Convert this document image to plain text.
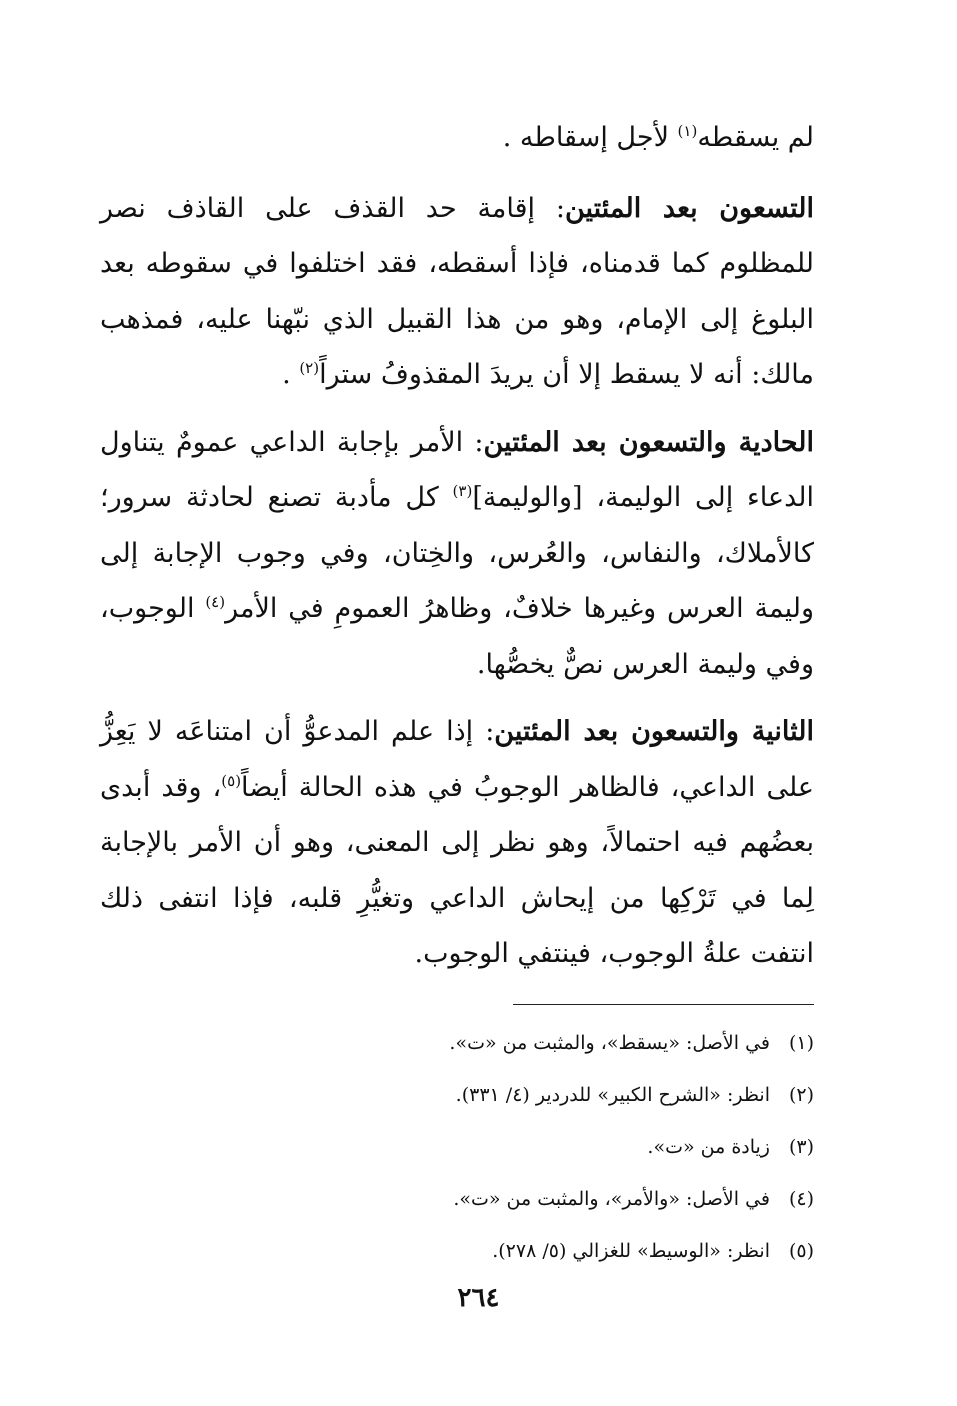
لم يسقطه$^{(١)}$ لأجل إسقاطه .

التسعون بعد المئتين: إقامة حد القذف على القاذف نصر للمظلوم كما قدمناه، فإذا أسقطه، فقد اختلفوا في سقوطه بعد البلوغ إلى الإمام، وهو من هذا القبيل الذي نبّهنا عليه، فمذهب مالك: أنه لا يسقط إلا أن يريدَ المقذوفُ ستراً$^{(٢)}$ .

الحادية والتسعون بعد المئتين: الأمر بإجابة الداعي عمومٌ يتناول الدعاء إلى الوليمة، [والوليمة]$^{(٣)}$ كل مأدبة تصنع لحادثة سرور؛ كالأملاك، والنفاس، والعُرس، والخِتان، وفي وجوب الإجابة إلى وليمة العرس وغيرها خلافٌ، وظاهرُ العمومِ في الأمر$^{(٤)}$ الوجوب، وفي وليمة العرس نصٌّ يخصُّها.

الثانية والتسعون بعد المئتين: إذا علم المدعوُّ أن امتناعَه لا يَعِزُّ على الداعي، فالظاهر الوجوبُ في هذه الحالة أيضاً$^{(٥)}$، وقد أبدى بعضُهم فيه احتمالاً، وهو نظر إلى المعنى، وهو أن الأمر بالإجابة لِما في تَرْكِها من إيحاش الداعي وتغيُّرِ قلبه، فإذا انتفى ذلك انتفت علةُ الوجوب، فينتفي الوجوب.

(١)في الأصل: «يسقط»، والمثبت من «ت».
(٢)انظر: «الشرح الكبير» للدردير (٤/ ٣٣١).
(٣)زيادة من «ت».
(٤)في الأصل: «والأمر»، والمثبت من «ت».
(٥)انظر: «الوسيط» للغزالي (٥/ ٢٧٨).
٢٦٤
